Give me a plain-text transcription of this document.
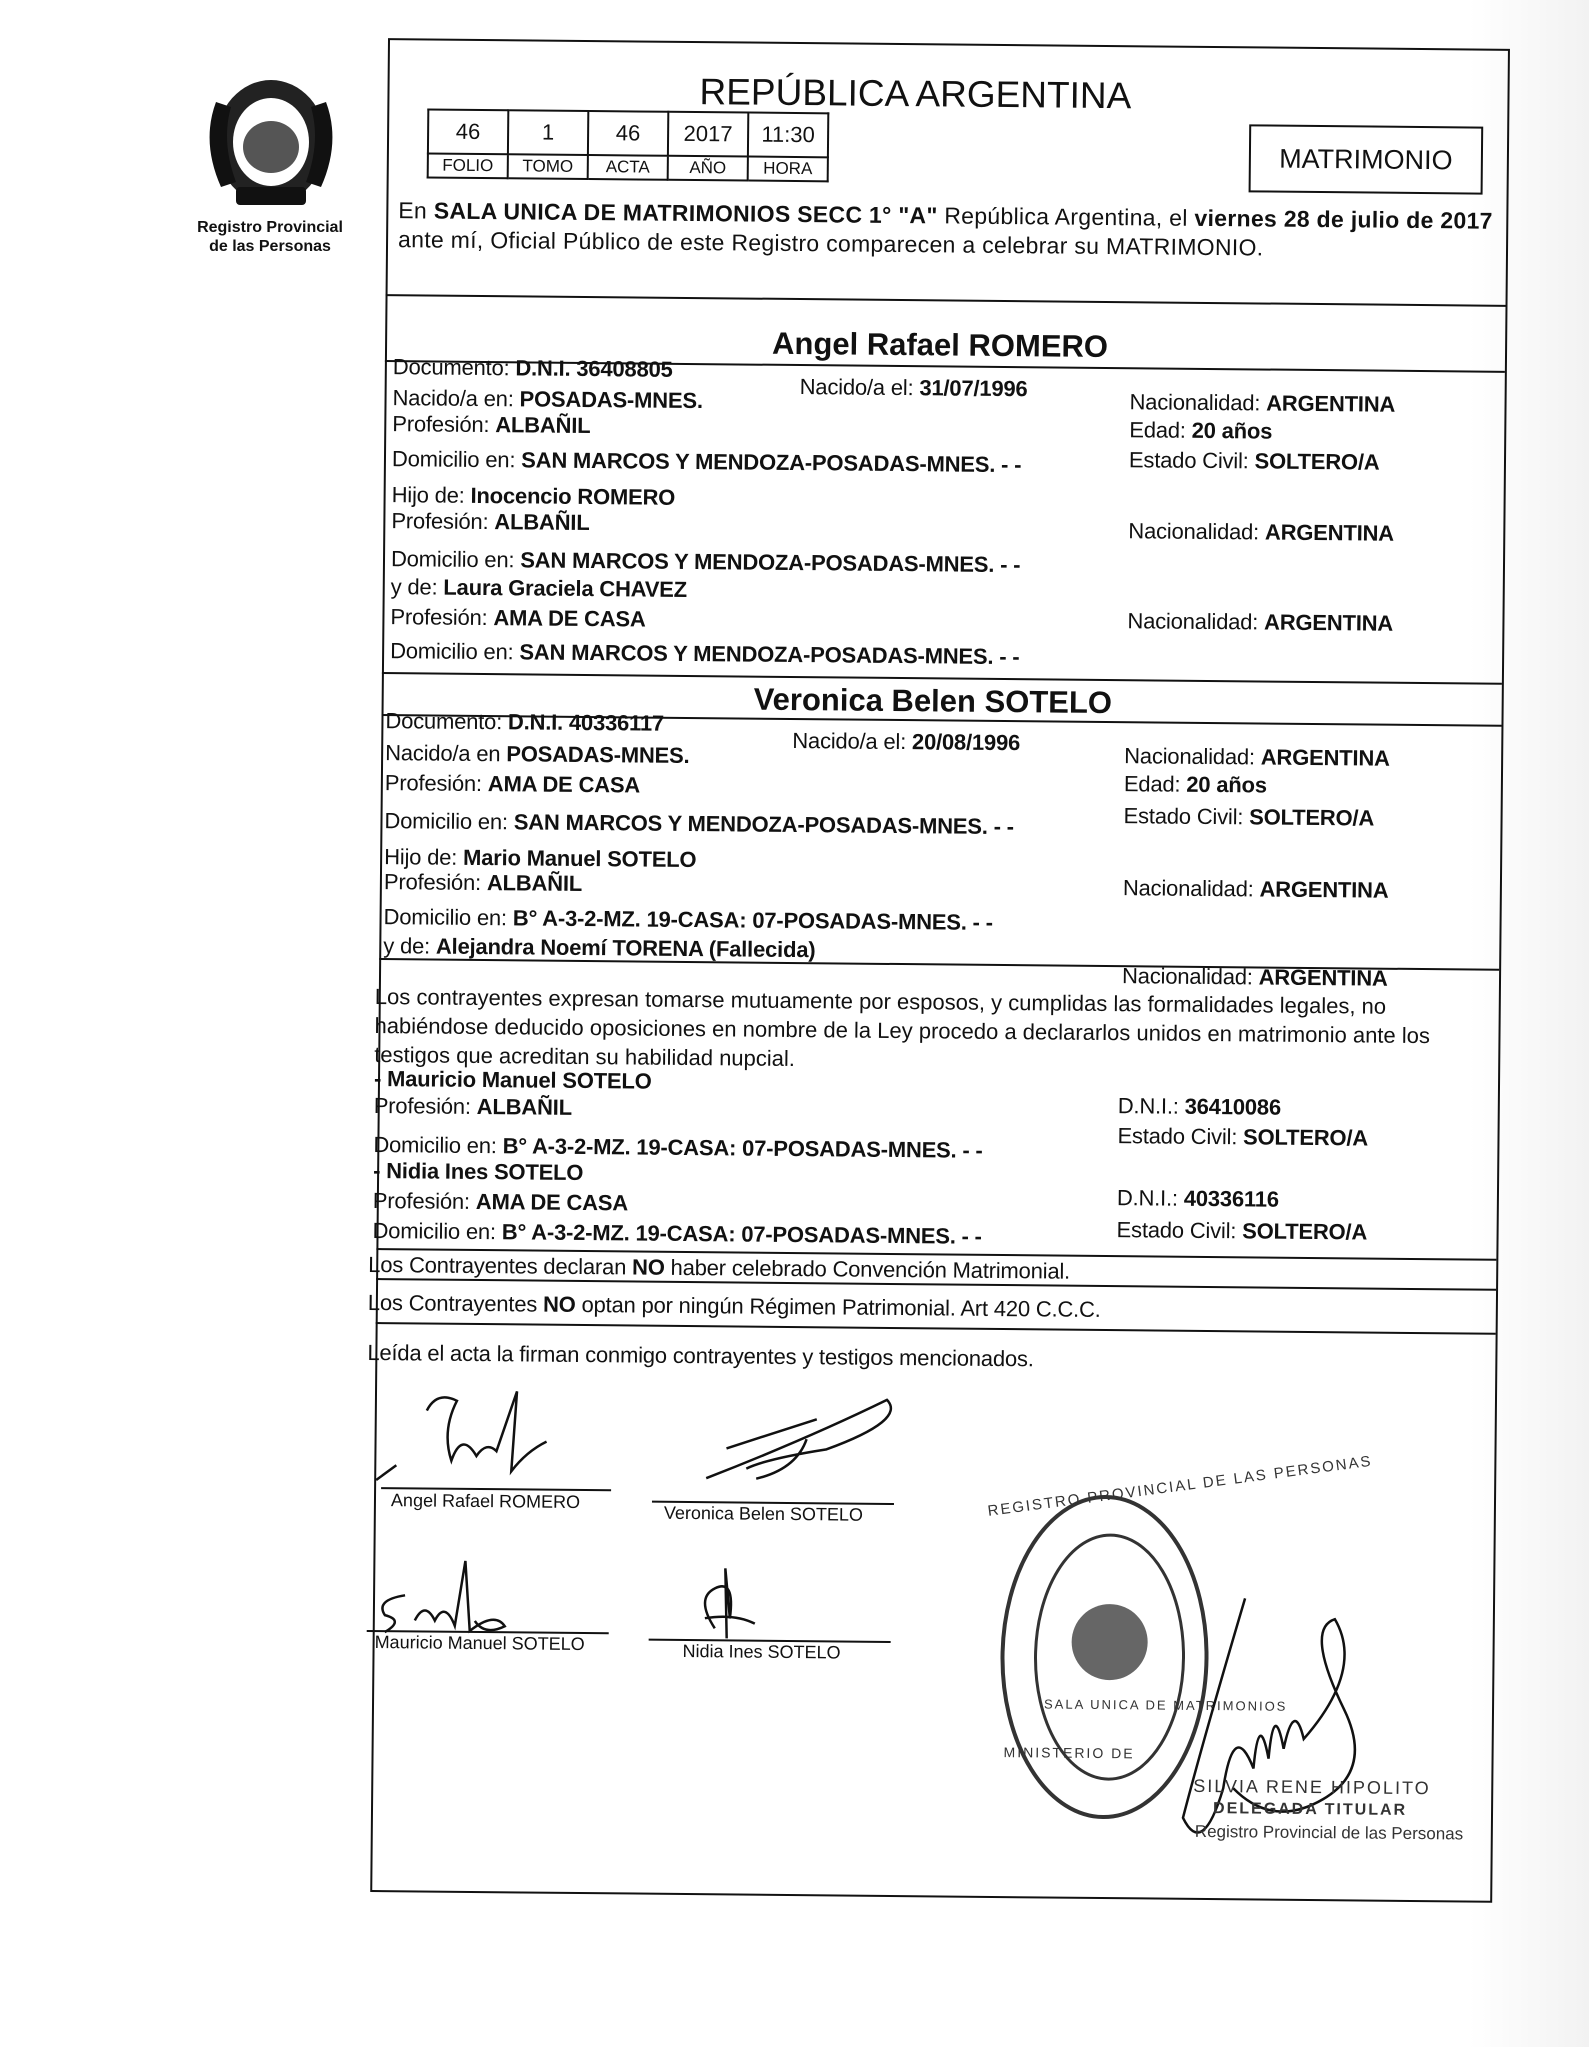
Registro Provincial
de las Personas
REPÚBLICA ARGENTINA
46	1	46	2017	11:30
FOLIO	TOMO	ACTA	AÑO	HORA	MATRIMONIO
En SALA UNICA DE MATRIMONIOS SECC 1° "A" República Argentina, el viernes 28 de julio de 2017 ante mí, Oficial Público de este Registro comparecen a celebrar su MATRIMONIO.
Angel Rafael ROMERO
Documento: D.N.I. 36408805
Nacido/a el: 31/07/1996
Nacionalidad: ARGENTINA
Nacido/a en: POSADAS-MNES.
Edad: 20 años
Profesión: ALBAÑIL
Estado Civil: SOLTERO/A
Domicilio en: SAN MARCOS Y MENDOZA-POSADAS-MNES. - -
Hijo de: Inocencio ROMERO
Profesión: ALBAÑIL	Nacionalidad: ARGENTINA
Domicilio en: SAN MARCOS Y MENDOZA-POSADAS-MNES. - -
y de: Laura Graciela CHAVEZ
Profesión: AMA DE CASA	Nacionalidad: ARGENTINA
Domicilio en: SAN MARCOS Y MENDOZA-POSADAS-MNES. - -
Veronica Belen SOTELO
Documento: D.N.I. 40336117
Nacido/a el: 20/08/1996
Nacionalidad: ARGENTINA
Nacido/a en POSADAS-MNES.
Edad: 20 años
Profesión: AMA DE CASA
Estado Civil: SOLTERO/A
Domicilio en: SAN MARCOS Y MENDOZA-POSADAS-MNES. - -
Hijo de: Mario Manuel SOTELO
Profesión: ALBAÑIL	Nacionalidad: ARGENTINA
Domicilio en: B° A-3-2-MZ. 19-CASA: 07-POSADAS-MNES. - -
y de: Alejandra Noemí TORENA (Fallecida)
Nacionalidad: ARGENTINA
Los contrayentes expresan tomarse mutuamente por esposos, y cumplidas las formalidades legales, no habiéndose deducido oposiciones en nombre de la Ley procedo a declararlos unidos en matrimonio ante los testigos que acreditan su habilidad nupcial.
- Mauricio Manuel SOTELO
D.N.I.: 36410086
Profesión: ALBAÑIL
Estado Civil: SOLTERO/A
Domicilio en: B° A-3-2-MZ. 19-CASA: 07-POSADAS-MNES. - -
- Nidia Ines SOTELO
D.N.I.: 40336116
Profesión: AMA DE CASA
Estado Civil: SOLTERO/A
Domicilio en: B° A-3-2-MZ. 19-CASA: 07-POSADAS-MNES. - -
Los Contrayentes declaran NO haber celebrado Convención Matrimonial.
Los Contrayentes NO optan por ningún Régimen Patrimonial. Art 420 C.C.C.
Leída el acta la firman conmigo contrayentes y testigos mencionados.
Angel Rafael ROMERO
Veronica Belen SOTELO
Mauricio Manuel SOTELO	Nidia Ines SOTELO
REGISTRO PROVINCIAL DE LAS PERSONAS
SALA UNICA DE MATRIMONIOS
MINISTERIO DE
SILVIA RENE HIPOLITO
DELEGADA TITULAR
Registro Provincial de las Personas
